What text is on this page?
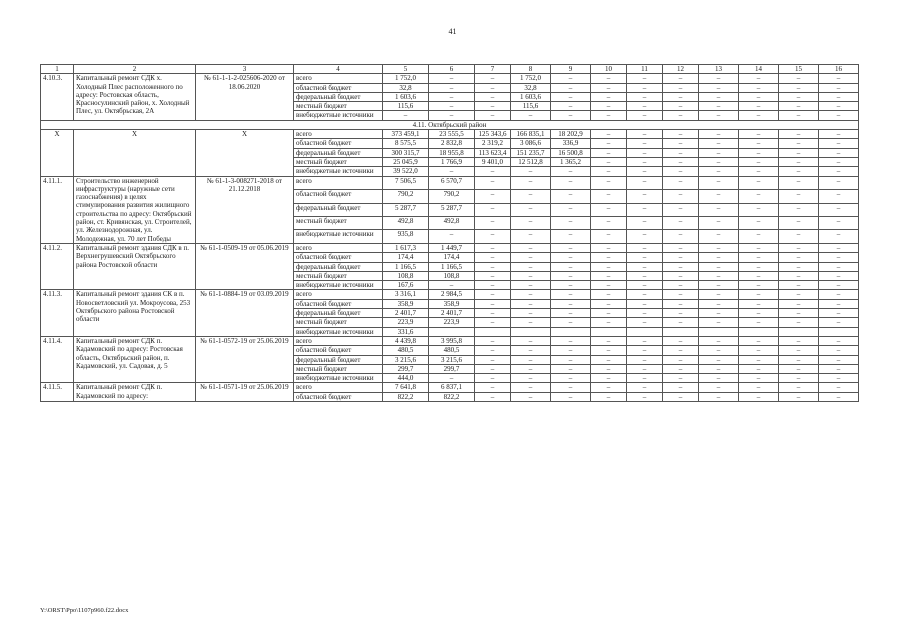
41
1	2	3	4	5	6	7	8	9	10	11	12	13	14	15	16
4.10.3.	Капитальный ремонт СДК х. Холодный Плес расположенного по адресу: Ростовская область, Красносулинский район, х. Холодный Плес, ул. Октябрьская, 2А	№ 61-1-1-2-025606-2020 от 18.06.2020	всего	1 752,0	–	–	1 752,0	–	–	–	–	–	–	–	–
			областной бюджет	32,8	–	–	32,8	–	–	–	–	–	–	–	–
			федеральный бюджет	1 603,6	–	–	1 603,6	–	–	–	–	–	–	–	–
			местный бюджет	115,6	–	–	115,6	–	–	–	–	–	–	–	–
			внебюджетные источники	–	–	–	–	–	–	–	–	–	–	–	–
4.11. Октябрьский район															
X	X	X	всего	373 459,1	23 555,5	125 343,6	166 835,1	18 202,9	–	–	–	–	–	–	–
			областной бюджет	8 575,5	2 832,8	2 319,2	3 086,6	336,9	–	–	–	–	–	–	–
			федеральный бюджет	300 315,7	18 955,8	113 623,4	151 235,7	16 500,8	–	–	–	–	–	–	–
			местный бюджет	25 045,9	1 766,9	9 401,0	12 512,8	1 365,2	–	–	–	–	–	–	–
			внебюджетные источники	39 522,0	–	–	–	–	–	–	–	–	–	–	–
4.11.1.	Строительство инженерной инфраструктуры (наружные сети газоснабжения) в целях стимулирования развития жилищного строительства по адресу: Октябрьский район, ст. Кривянская, ул. Строителей, ул. Железнодорожная, ул. Молодежная, ул. 70 лет Победы	№ 61-1-3-008271-2018 от 21.12.2018	всего	7 506,5	6 570,7	–	–	–	–	–	–	–	–	–	–
			областной бюджет	790,2	790,2	–	–	–	–	–	–	–	–	–	–
			федеральный бюджет	5 287,7	5 287,7	–	–	–	–	–	–	–	–	–	–
			местный бюджет	492,8	492,8	–	–	–	–	–	–	–	–	–	–
			внебюджетные источники	935,8	–	–	–	–	–	–	–	–	–	–	–
4.11.2.	Капитальный ремонт здания СДК в п. Верхнегрушевский Октябрьского района Ростовской области	№ 61-1-0509-19 от 05.06.2019	всего	1 617,3	1 449,7	–	–	–	–	–	–	–	–	–	–
			областной бюджет	174,4	174,4	–	–	–	–	–	–	–	–	–	–
			федеральный бюджет	1 166,5	1 166,5	–	–	–	–	–	–	–	–	–	–
			местный бюджет	108,8	108,8	–	–	–	–	–	–	–	–	–	–
			внебюджетные источники	167,6	–	–	–	–	–	–	–	–	–	–	–
4.11.3.	Капитальный ремонт здания СК в п. Новосветловский ул. Мокроусова, 253 Октябрьского района Ростовской области	№ 61-1-0884-19 от 03.09.2019	всего	3 316,1	2 984,5	–	–	–	–	–	–	–	–	–	–
			областной бюджет	358,9	358,9	–	–	–	–	–	–	–	–	–	–
			федеральный бюджет	2 401,7	2 401,7	–	–	–	–	–	–	–	–	–	–
			местный бюджет	223,9	223,9	–	–	–	–	–	–	–	–	–	–
			внебюджетные источники	331,6											
4.11.4.	Капитальный ремонт СДК п. Кадамовский по адресу: Ростовская область, Октябрьский район, п. Кадамовский, ул. Садовая, д. 5	№ 61-1-0572-19 от 25.06.2019	всего	4 439,8	3 995,8	–	–	–	–	–	–	–	–	–	–
			областной бюджет	480,5	480,5	–	–	–	–	–	–	–	–	–	–
			федеральный бюджет	3 215,6	3 215,6	–	–	–	–	–	–	–	–	–	–
			местный бюджет	299,7	299,7	–	–	–	–	–	–	–	–	–	–
			внебюджетные источники	444,0	–	–	–	–	–	–	–	–	–	–	–
4.11.5.	Капитальный ремонт СДК п. Кадамовский по адресу:	№ 61-1-0571-19 от 25.06.2019	всего	7 641,8	6 837,1	–	–	–	–	–	–	–	–	–	–
			областной бюджет	822,2	822,2	–	–	–	–	–	–	–	–	–	–
Y:\ORST\Ppo\1107p960.f22.docx
